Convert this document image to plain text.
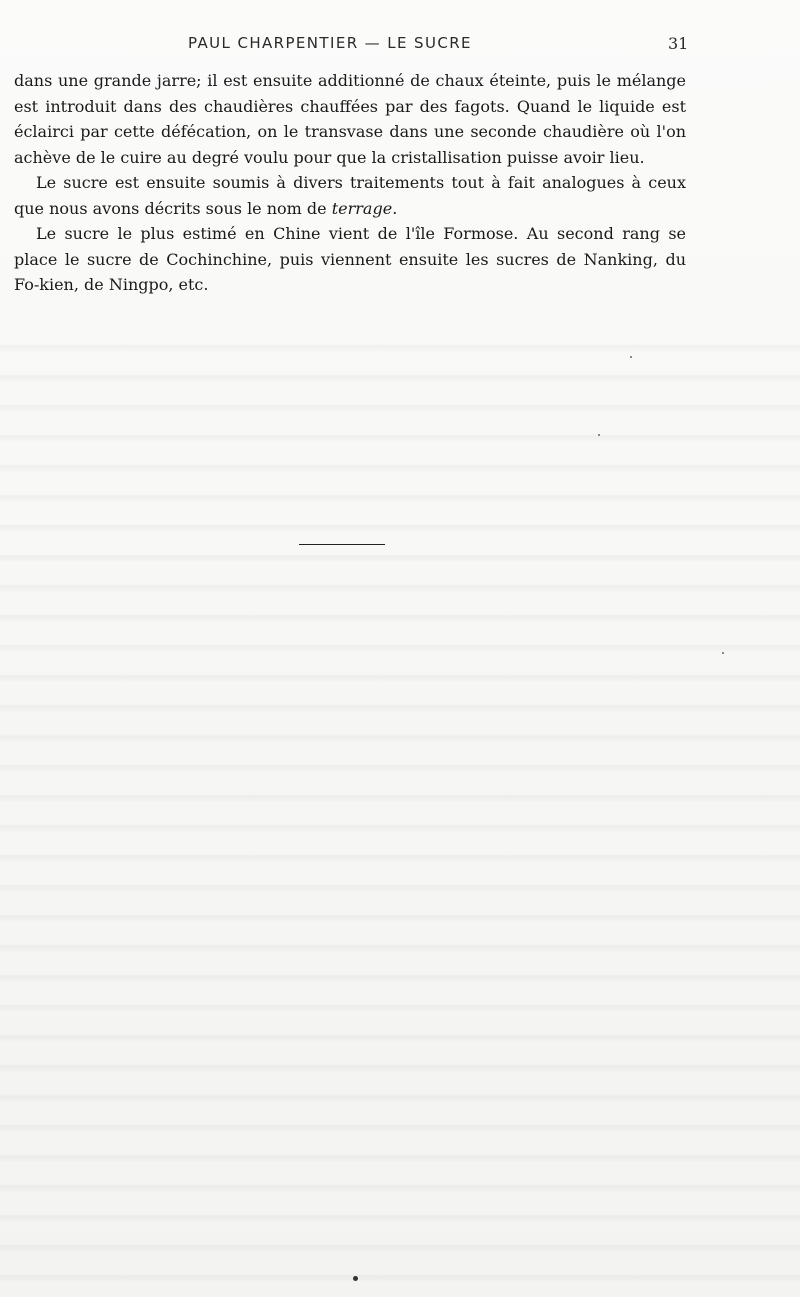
PAUL CHARPENTIER — LE SUCRE	31

dans une grande jarre; il est ensuite additionné de chaux éteinte, puis le mélange est introduit dans des chaudières chauffées par des fagots. Quand le liquide est éclairci par cette défécation, on le transvase dans une seconde chaudière où l'on achève de le cuire au degré voulu pour que la cristallisation puisse avoir lieu.

Le sucre est ensuite soumis à divers traitements tout à fait analogues à ceux que nous avons décrits sous le nom de terrage.

Le sucre le plus estimé en Chine vient de l'île Formose. Au second rang se place le sucre de Cochinchine, puis viennent ensuite les sucres de Nanking, du Fo-kien, de Ningpo, etc.
